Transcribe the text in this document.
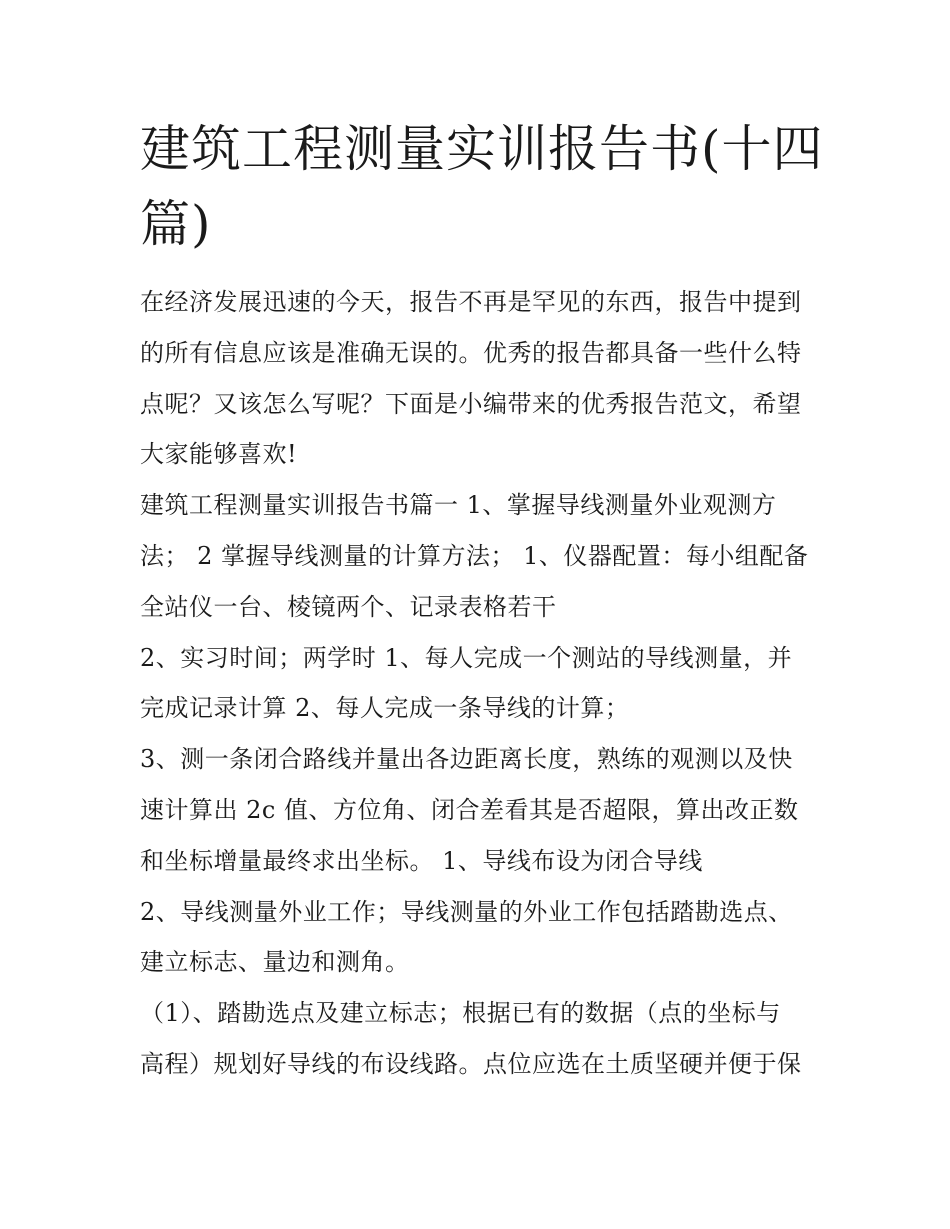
建筑工程测量实训报告书(十四
篇)
在经济发展迅速的今天，报告不再是罕见的东西，报告中提到
的所有信息应该是准确无误的。优秀的报告都具备一些什么特
点呢？又该怎么写呢？下面是小编带来的优秀报告范文，希望
大家能够喜欢!
建筑工程测量实训报告书篇一 1、掌握导线测量外业观测方
法； 2 掌握导线测量的计算方法； 1、仪器配置：每小组配备
全站仪一台、棱镜两个、记录表格若干
2、实习时间；两学时 1、每人完成一个测站的导线测量，并
完成记录计算 2、每人完成一条导线的计算；
3、测一条闭合路线并量出各边距离长度，熟练的观测以及快
速计算出 2c 值、方位角、闭合差看其是否超限，算出改正数
和坐标增量最终求出坐标。 1、导线布设为闭合导线
2、导线测量外业工作；导线测量的外业工作包括踏勘选点、
建立标志、量边和测角。
（1）、踏勘选点及建立标志；根据已有的数据（点的坐标与
高程）规划好导线的布设线路。点位应选在土质坚硬并便于保
